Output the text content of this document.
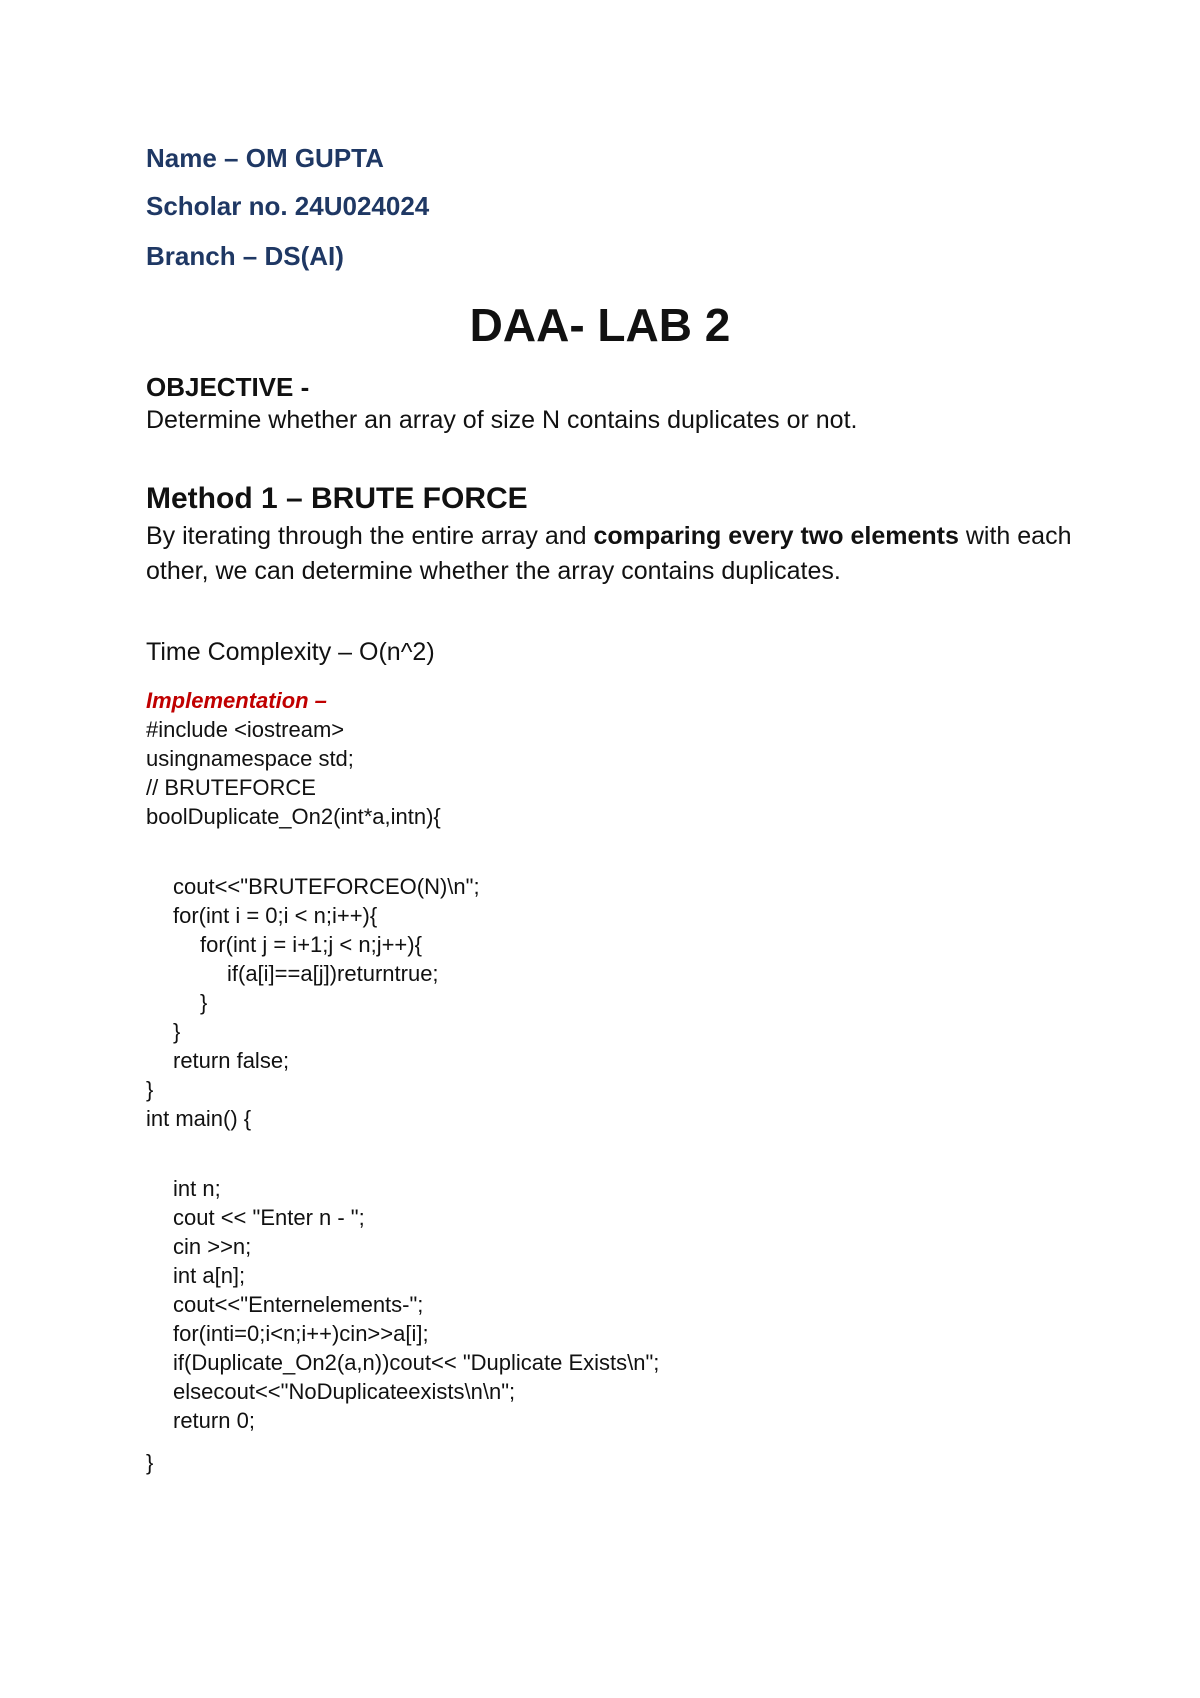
Name – OM GUPTA
Scholar no. 24U024024
Branch – DS(AI)
DAA- LAB 2
OBJECTIVE -
Determine whether an array of size N contains duplicates or not.
Method 1 – BRUTE FORCE
By iterating through the entire array and comparing every two elements with each other, we can determine whether the array contains duplicates.
Time Complexity – O(n^2)
Implementation –
#include <iostream>
usingnamespace std;
// BRUTEFORCE
boolDuplicate_On2(int*a,intn){
cout<<"BRUTEFORCEO(N)\n";
for(int i = 0;i < n;i++){
for(int j = i+1;j < n;j++){
if(a[i]==a[j])returntrue;
}
}
return false;
}
int main() {
int n;
cout << "Enter n - ";
cin >>n;
int a[n];
cout<<"Enternelements-";
for(inti=0;i<n;i++)cin>>a[i];
if(Duplicate_On2(a,n))cout<< "Duplicate Exists\n";
elsecout<<"NoDuplicateexists\n\n";
return 0;
}
